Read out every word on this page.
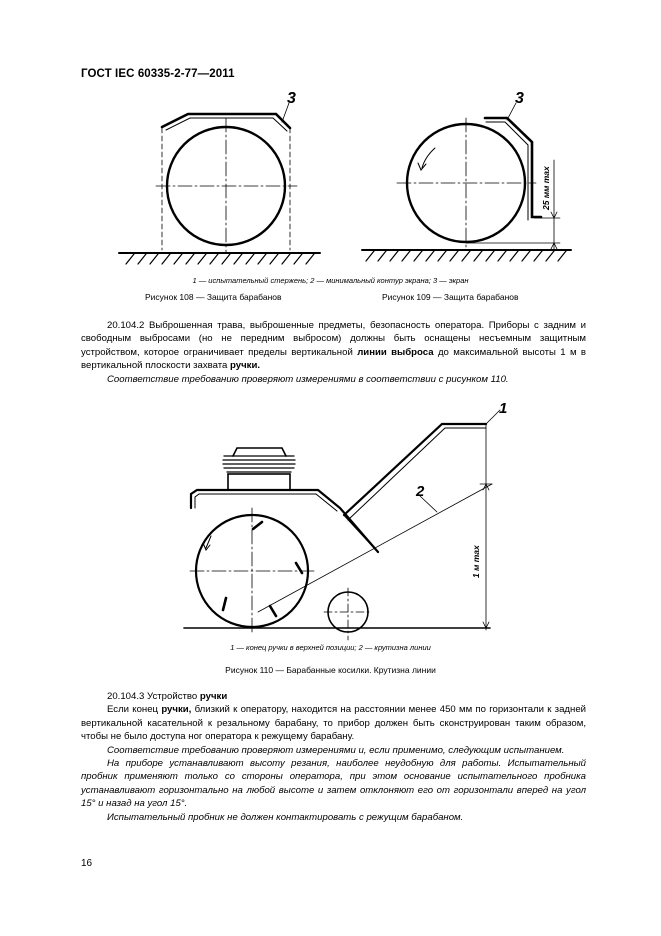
ГОСТ IEC 60335-2-77—2011
3	3
25 мм max
1
2
1 м max
1 — испытательный стержень; 2 — минимальный контур экрана; 3 — экран
Рисунок 108 — Защита барабанов	Рисунок 109 — Защита барабанов

20.104.2 Выброшенная трава, выброшенные предметы, безопасность оператора. Приборы с задним и свободным выбросами (но не передним выбросом) должны быть оснащены несъемным защитным устройством, которое ограничивает пределы вертикальной линии выброса до максимальной высоты 1 м в вертикальной плоскости захвата ручки.

Соответствие требованию проверяют измерениями в соответствии с рисунком 110.

1 — конец ручки в верхней позиции; 2 — крутизна линии
Рисунок 110 — Барабанные косилки. Крутизна линии

20.104.3 Устройство ручки

Если конец ручки, близкий к оператору, находится на расстоянии менее 450 мм по горизонтали к задней вертикальной касательной к резальному барабану, то прибор должен быть сконструирован таким образом, чтобы не было доступа ног оператора к режущему барабану.

Соответствие требованию проверяют измерениями и, если применимо, следующим испытанием.

На приборе устанавливают высоту резания, наиболее неудобную для работы. Испытательный пробник применяют только со стороны оператора, при этом основание испытательного пробника устанавливают горизонтально на любой высоте и затем отклоняют его от горизонтали вперед на угол 15° и назад на угол 15°.

Испытательный пробник не должен контактировать с режущим барабаном.

16
